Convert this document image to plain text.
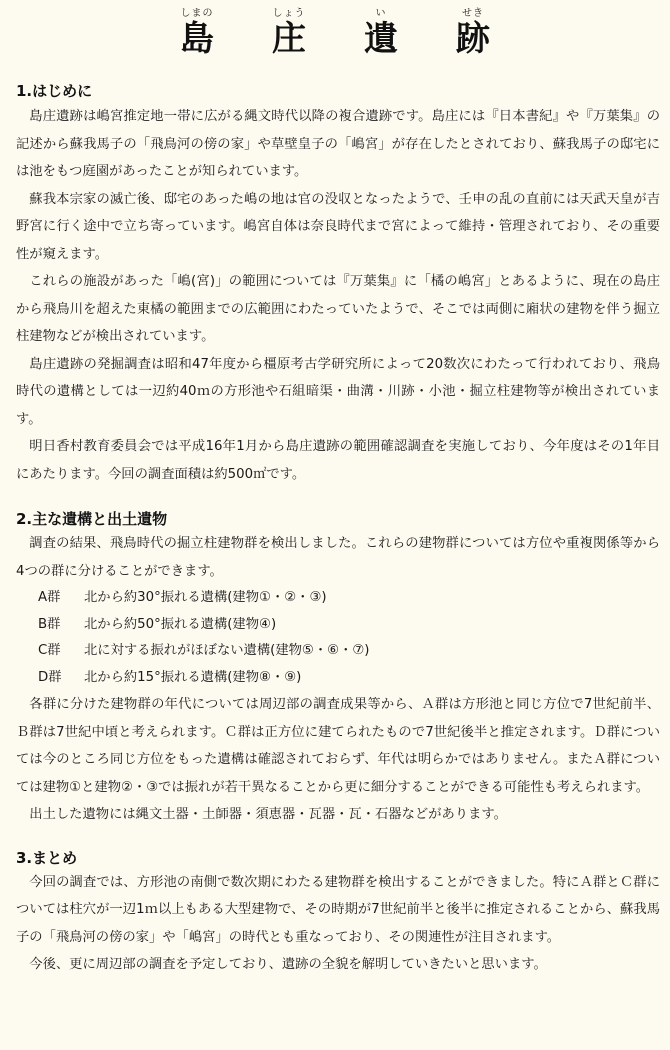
しまの	しょう	い	せき
島	庄	遺	跡
1.はじめに

島庄遺跡は嶋宮推定地一帯に広がる縄文時代以降の複合遺跡です。島庄には『日本書紀』や『万葉集』の記述から蘇我馬子の「飛鳥河の傍の家」や草壁皇子の「嶋宮」が存在したとされており、蘇我馬子の邸宅には池をもつ庭園があったことが知られています。

蘇我本宗家の滅亡後、邸宅のあった嶋の地は官の没収となったようで、壬申の乱の直前には天武天皇が吉野宮に行く途中で立ち寄っています。嶋宮自体は奈良時代まで宮によって維持・管理されており、その重要性が窺えます。

これらの施設があった「嶋(宮)」の範囲については『万葉集』に「橘の嶋宮」とあるように、現在の島庄から飛鳥川を超えた東橘の範囲までの広範囲にわたっていたようで、そこでは両側に廂状の建物を伴う掘立柱建物などが検出されています。

島庄遺跡の発掘調査は昭和47年度から橿原考古学研究所によって20数次にわたって行われており、飛鳥時代の遺構としては一辺約40ｍの方形池や石組暗渠・曲溝・川跡・小池・掘立柱建物等が検出されています。

明日香村教育委員会では平成16年1月から島庄遺跡の範囲確認調査を実施しており、今年度はその1年目にあたります。今回の調査面積は約500㎡です。

2.主な遺構と出土遺物

調査の結果、飛鳥時代の掘立柱建物群を検出しました。これらの建物群については方位や重複関係等から4つの群に分けることができます。

A群 北から約30°振れる遺構(建物①・②・③)
B群 北から約50°振れる遺構(建物④)
C群 北に対する振れがほぼない遺構(建物⑤・⑥・⑦)
D群 北から約15°振れる遺構(建物⑧・⑨)

各群に分けた建物群の年代については周辺部の調査成果等から、Ａ群は方形池と同じ方位で7世紀前半、Ｂ群は7世紀中頃と考えられます。Ｃ群は正方位に建てられたもので7世紀後半と推定されます。Ｄ群については今のところ同じ方位をもった遺構は確認されておらず、年代は明らかではありません。またＡ群については建物①と建物②・③では振れが若干異なることから更に細分することができる可能性も考えられます。

出土した遺物には縄文土器・土師器・須恵器・瓦器・瓦・石器などがあります。

3.まとめ

今回の調査では、方形池の南側で数次期にわたる建物群を検出することができました。特にＡ群とＣ群については柱穴が一辺1ｍ以上もある大型建物で、その時期が7世紀前半と後半に推定されることから、蘇我馬子の「飛鳥河の傍の家」や「嶋宮」の時代とも重なっており、その関連性が注目されます。

今後、更に周辺部の調査を予定しており、遺跡の全貌を解明していきたいと思います。
